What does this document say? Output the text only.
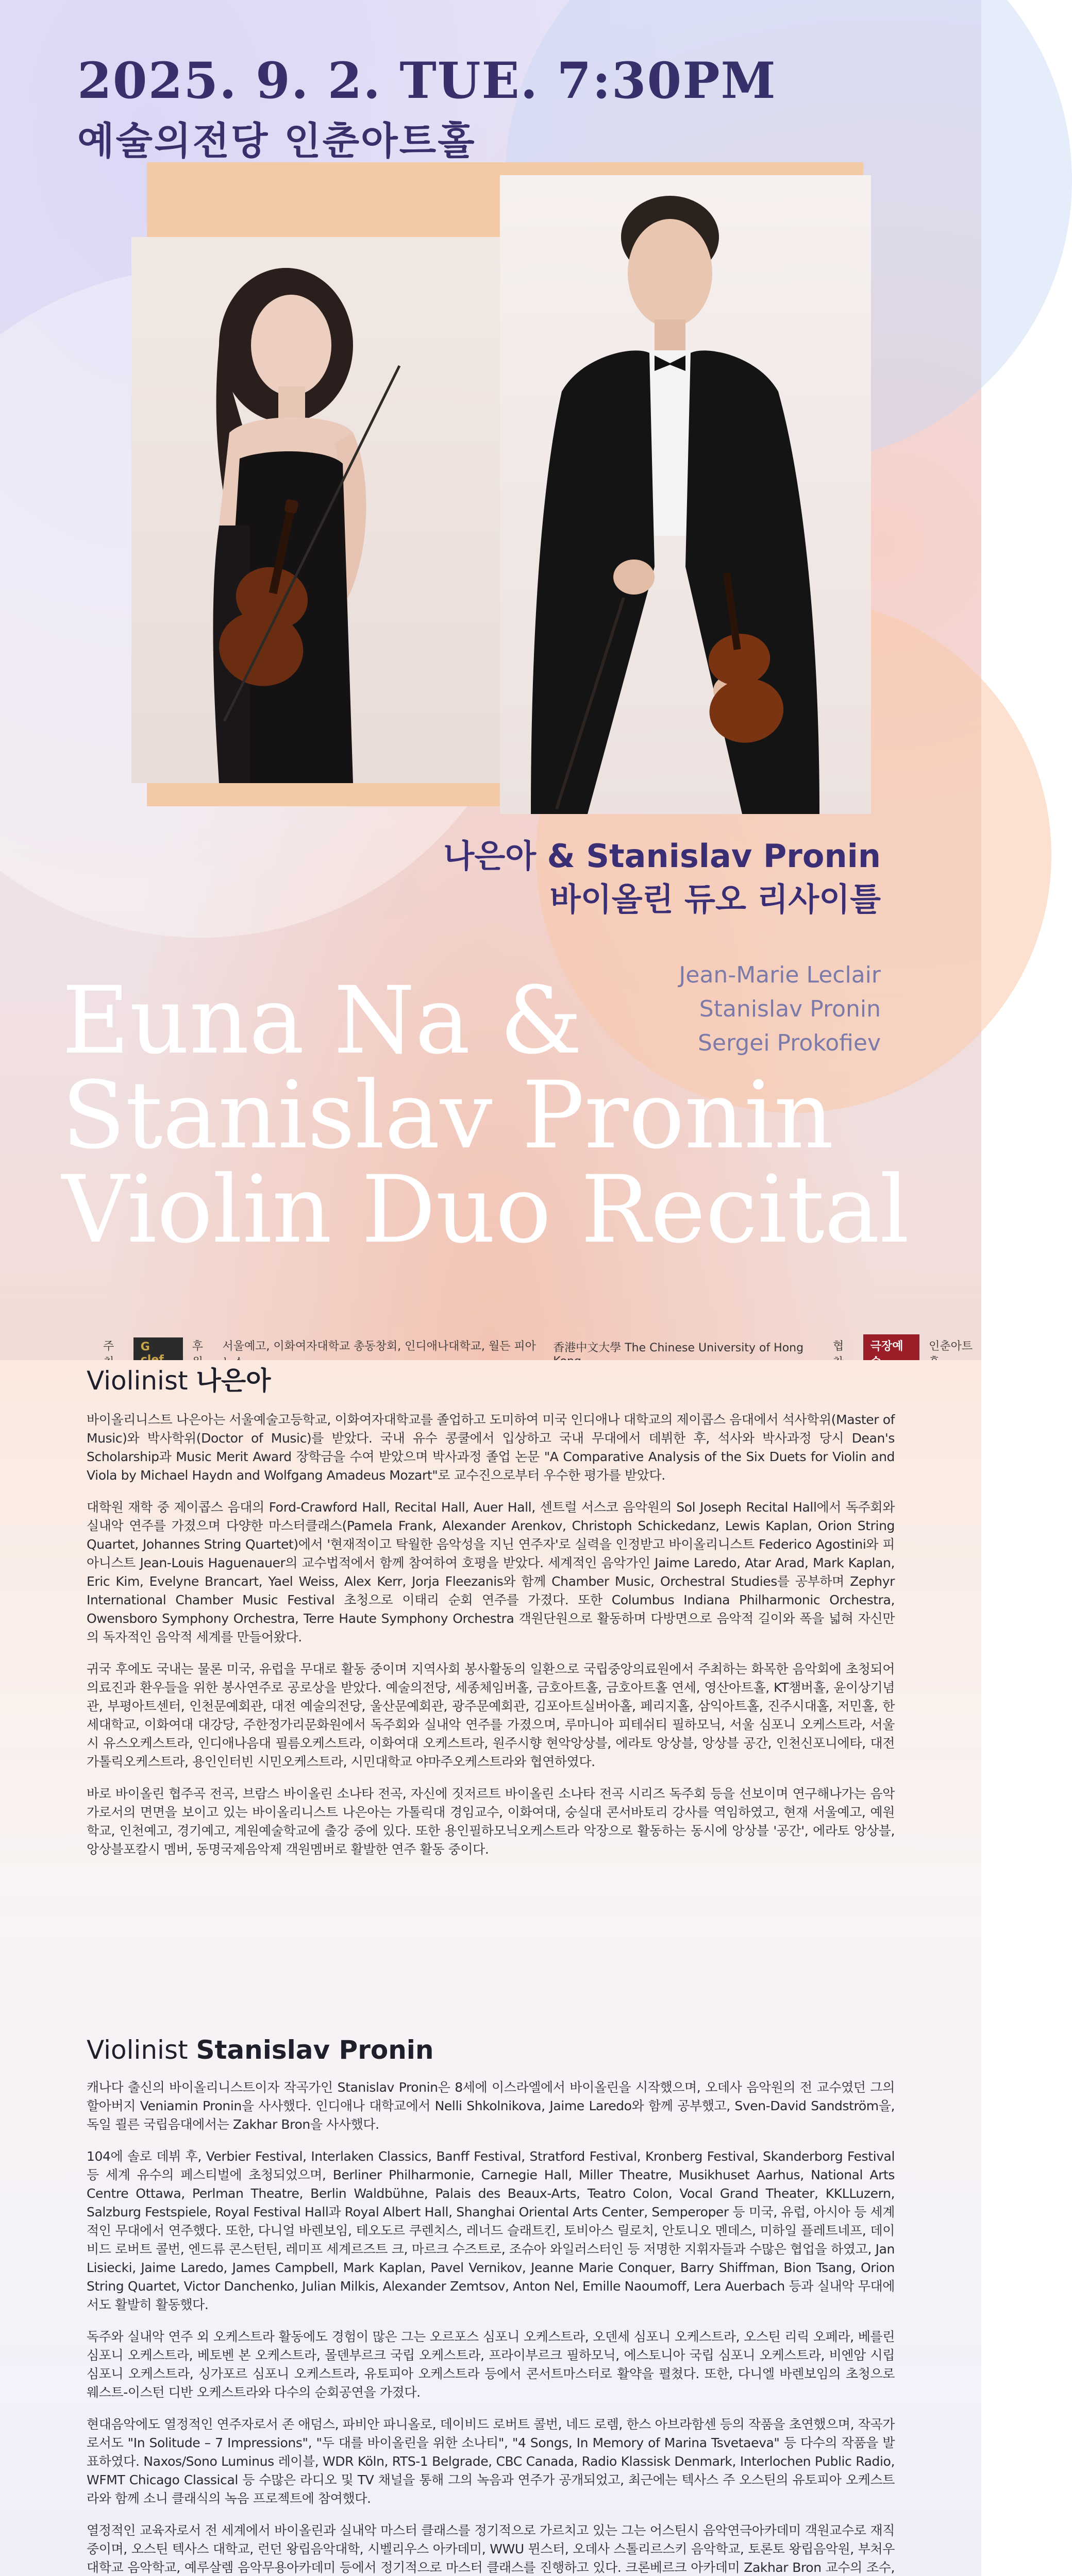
2025. 9. 2. TUE. 7:30PM
예술의전당 인춘아트홀
나은아 & Stanislav Pronin
바이올린 듀오 리사이틀
Jean-Marie Leclair
Stanislav Pronin
Sergei Prokofiev
Euna Na &
Stanislav Pronin
Violin Duo Recital
주	G	후	서울예고, 이화여자대학교 총동창회, 인디애나대학교, 월든 피아	香港中文大學 The Chinese University of Hong	협	극장예	인춘아트
Violinist 나은아

바이올리니스트 나은아는 서울예술고등학교, 이화여자대학교를 졸업하고 도미하여 미국 인디애나 대학교의 제이콥스 음대에서 석사학위(Master of Music)와 박사학위(Doctor of Music)를 받았다. 국내 유수 콩쿨에서 입상하고 국내 무대에서 데뷔한 후, 석사와 박사과정 당시 Dean's Scholarship과 Music Merit Award 장학금을 수여 받았으며 박사과정 졸업 논문 "A Comparative Analysis of the Six Duets for Violin and Viola by Michael Haydn and Wolfgang Amadeus Mozart"로 교수진으로부터 우수한 평가를 받았다.

대학원 재학 중 제이콥스 음대의 Ford-Crawford Hall, Recital Hall, Auer Hall, 센트럴 서스코 음악원의 Sol Joseph Recital Hall에서 독주회와 실내악 연주를 가졌으며 다양한 마스터클래스(Pamela Frank, Alexander Arenkov, Christoph Schickedanz, Lewis Kaplan, Orion String Quartet, Johannes String Quartet)에서 '현재적이고 탁월한 음악성을 지닌 연주자'로 실력을 인정받고 바이올리니스트 Federico Agostini와 피아니스트 Jean-Louis Haguenauer의 교수법적에서 함께 참여하여 호평을 받았다. 세계적인 음악가인 Jaime Laredo, Atar Arad, Mark Kaplan, Eric Kim, Evelyne Brancart, Yael Weiss, Alex Kerr, Jorja Fleezanis와 함께 Chamber Music, Orchestral Studies를 공부하며 Zephyr International Chamber Music Festival 초청으로 이태리 순회 연주를 가졌다. 또한 Columbus Indiana Philharmonic Orchestra, Owensboro Symphony Orchestra, Terre Haute Symphony Orchestra 객원단원으로 활동하며 다방면으로 음악적 길이와 폭을 넓혀 자신만의 독자적인 음악적 세계를 만들어왔다.

귀국 후에도 국내는 물론 미국, 유럽을 무대로 활동 중이며 지역사회 봉사활동의 일환으로 국립중앙의료원에서 주최하는 화목한 음악회에 초청되어 의료진과 환우들을 위한 봉사연주로 공로상을 받았다. 예술의전당, 세종체임버홀, 금호아트홀, 금호아트홀 연세, 영산아트홀, KT챔버홀, 윤이상기념관, 부평아트센터, 인천문예회관, 대전 예술의전당, 울산문예회관, 광주문예회관, 김포아트실버아홀, 페리지홀, 삼익아트홀, 진주시대홀, 저민홀, 한세대학교, 이화여대 대강당, 주한정가리문화원에서 독주회와 실내악 연주를 가졌으며, 루마니아 피테쉬티 필하모닉, 서울 심포니 오케스트라, 서울시 유스오케스트라, 인디애나음대 필름오케스트라, 이화여대 오케스트라, 원주시향 현악앙상블, 에라토 앙상블, 앙상블 공간, 인천신포니에타, 대전가톨릭오케스트라, 용인인터빈 시민오케스트라, 시민대학교 야마주오케스트라와 협연하였다.

바로 바이올린 협주곡 전곡, 브람스 바이올린 소나타 전곡, 자신에 짓저르트 바이올린 소나타 전곡 시리즈 독주회 등을 선보이며 연구해나가는 음악가로서의 면면을 보이고 있는 바이올리니스트 나은아는 가톨릭대 경임교수, 이화여대, 숭실대 콘서바토리 강사를 역임하였고, 현재 서울예고, 예원학교, 인천예고, 경기예고, 계원예술학교에 출강 중에 있다. 또한 용인필하모닉오케스트라 악장으로 활동하는 동시에 앙상블 '공간', 에라토 앙상블, 앙상블포칼시 멤버, 동명국제음악제 객원멤버로 활발한 연주 활동 중이다.

Violinist Stanislav Pronin

캐나다 출신의 바이올리니스트이자 작곡가인 Stanislav Pronin은 8세에 이스라엘에서 바이올린을 시작했으며, 오데사 음악원의 전 교수였던 그의 할아버지 Veniamin Pronin을 사사했다. 인디애나 대학교에서 Nelli Shkolnikova, Jaime Laredo와 함께 공부했고, Sven-David Sandström을, 독일 쾰른 국립음대에서는 Zakhar Bron을 사사했다.

104에 솔로 데뷔 후, Verbier Festival, Interlaken Classics, Banff Festival, Stratford Festival, Kronberg Festival, Skanderborg Festival 등 세계 유수의 페스티벌에 초청되었으며, Berliner Philharmonie, Carnegie Hall, Miller Theatre, Musikhuset Aarhus, National Arts Centre Ottawa, Perlman Theatre, Berlin Waldbühne, Palais des Beaux-Arts, Teatro Colon, Vocal Grand Theater, KKLLuzern, Salzburg Festspiele, Royal Festival Hall과 Royal Albert Hall, Shanghai Oriental Arts Center, Semperoper 등 미국, 유럽, 아시아 등 세계적인 무대에서 연주했다. 또한, 다니얼 바렌보임, 테오도르 쿠렌치스, 레너드 슬래트킨, 토비아스 릴로치, 안토니오 멘데스, 미하일 플레트네프, 데이비드 로버트 콜번, 엔드류 콘스턴틴, 레미프 세계르즈트 크, 마르크 수즈트로, 조슈아 와일러스터인 등 저명한 지휘자들과 수많은 협업을 하였고, Jan Lisiecki, Jaime Laredo, James Campbell, Mark Kaplan, Pavel Vernikov, Jeanne Marie Conquer, Barry Shiffman, Bion Tsang, Orion String Quartet, Victor Danchenko, Julian Milkis, Alexander Zemtsov, Anton Nel, Emille Naoumoff, Lera Auerbach 등과 실내악 무대에서도 활발히 활동했다.

독주와 실내악 연주 외 오케스트라 활동에도 경험이 많은 그는 오르포스 심포니 오케스트라, 오덴세 심포니 오케스트라, 오스틴 리릭 오페라, 베를린 심포니 오케스트라, 베토벤 본 오케스트라, 몰덴부르크 국립 오케스트라, 프라이부르크 필하모닉, 에스토니아 국립 심포니 오케스트라, 비엔암 시립 심포니 오케스트라, 싱가포르 심포니 오케스트라, 유토피아 오케스트라 등에서 콘서트마스터로 활약을 펼쳤다. 또한, 다니엘 바렌보임의 초청으로 웨스트-이스턴 디반 오케스트라와 다수의 순회공연을 가졌다.

현대음악에도 열정적인 연주자로서 존 애덤스, 파비안 파니올로, 데이비드 로버트 콜번, 네드 로렘, 한스 아브라함센 등의 작품을 초연했으며, 작곡가로서도 "In Solitude – 7 Impressions", "두 대를 바이올린을 위한 소나티", "4 Songs, In Memory of Marina Tsvetaeva" 등 다수의 작품을 발표하였다. Naxos/Sono Luminus 레이블, WDR Köln, RTS-1 Belgrade, CBC Canada, Radio Klassisk Denmark, Interlochen Public Radio, WFMT Chicago Classical 등 수많은 라디오 및 TV 채널을 통해 그의 녹음과 연주가 공개되었고, 최근에는 텍사스 주 오스틴의 유토피아 오케스트라와 함께 소니 클래식의 녹음 프로젝트에 참여했다.

열정적인 교육자로서 전 세계에서 바이올린과 실내악 마스터 클래스를 정기적으로 가르치고 있는 그는 어스틴시 음악연극아카데미 객원교수로 재직 중이며, 오스틴 텍사스 대학교, 런던 왕립음악대학, 시벨리우스 아카데미, WWU 뮌스터, 오데사 스톨리르스키 음악학교, 토론토 왕립음악원, 부처우 대학교 음악학교, 예루살렘 음악무용아카데미 등에서 정기적으로 마스터 클래스를 진행하고 있다. 크론베르크 아카데미 Zakhar Bron 교수의 조수,
